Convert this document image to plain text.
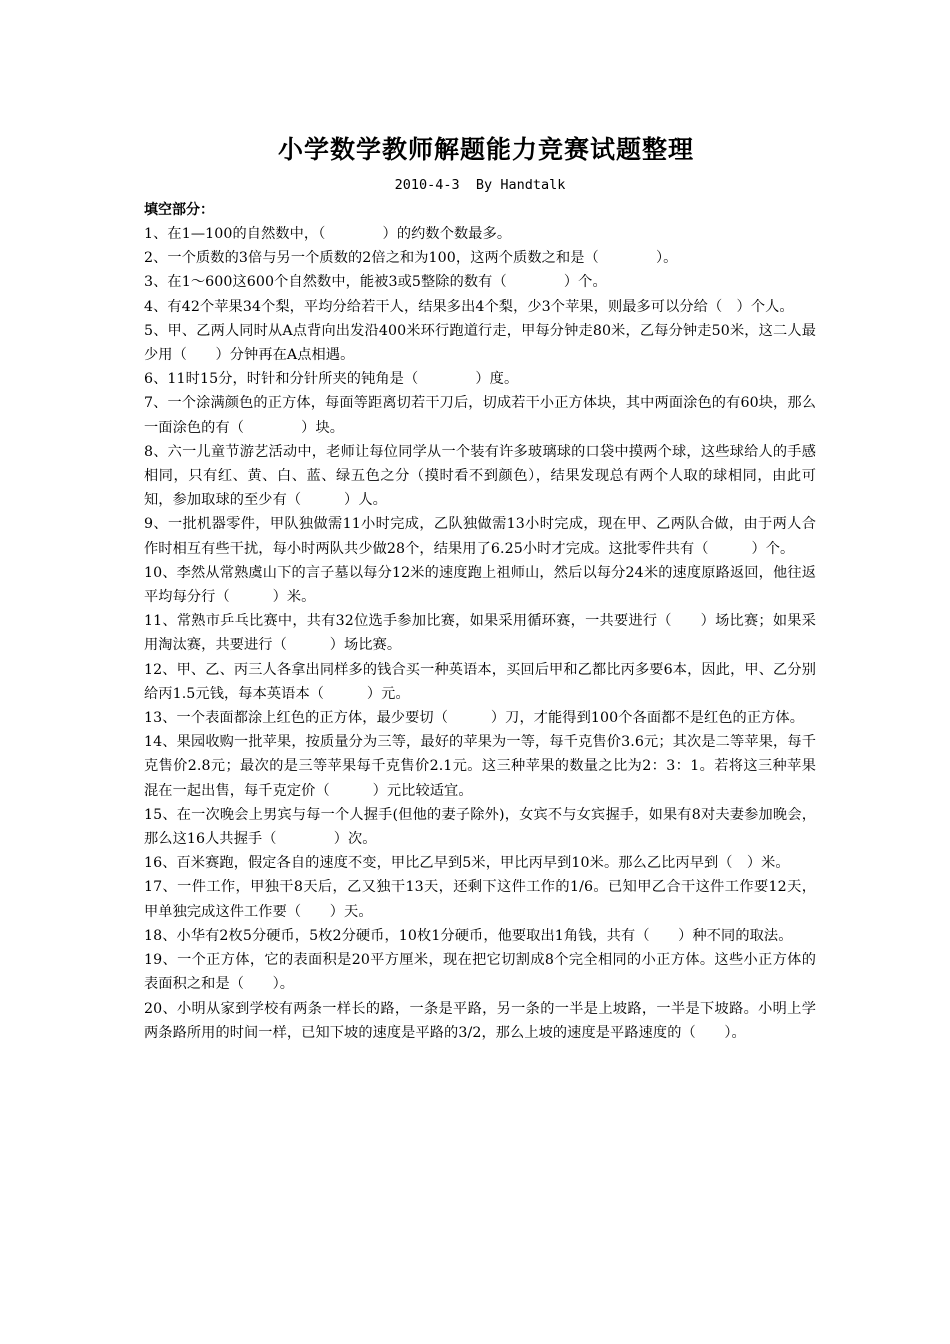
小学数学教师解题能力竞赛试题整理
2010-4-3  By Handtalk
填空部分：

1、在1—100的自然数中，（　　　　）的约数个数最多。

2、一个质数的3倍与另一个质数的2倍之和为100，这两个质数之和是（　　　　）。

3、在1～600这600个自然数中，能被3或5整除的数有（　　　　）个。

4、有42个苹果34个梨，平均分给若干人，结果多出4个梨，少3个苹果，则最多可以分给（　）个人。

5、甲、乙两人同时从A点背向出发沿400米环行跑道行走，甲每分钟走80米，乙每分钟走50米，这二人最少用（　　）分钟再在A点相遇。

6、11时15分，时针和分针所夹的钝角是（　　　　）度。

7、一个涂满颜色的正方体，每面等距离切若干刀后，切成若干小正方体块，其中两面涂色的有60块，那么一面涂色的有（　　　　）块。

8、六一儿童节游艺活动中，老师让每位同学从一个装有许多玻璃球的口袋中摸两个球，这些球给人的手感相同，只有红、黄、白、蓝、绿五色之分（摸时看不到颜色），结果发现总有两个人取的球相同，由此可知，参加取球的至少有（　　　）人。

9、一批机器零件，甲队独做需11小时完成，乙队独做需13小时完成，现在甲、乙两队合做，由于两人合作时相互有些干扰，每小时两队共少做28个，结果用了6.25小时才完成。这批零件共有（　　　）个。

10、李然从常熟虞山下的言子墓以每分12米的速度跑上祖师山，然后以每分24米的速度原路返回，他往返平均每分行（　　　）米。

11、常熟市乒乓比赛中，共有32位选手参加比赛，如果采用循环赛，一共要进行（　　）场比赛；如果采用淘汰赛，共要进行（　　　）场比赛。

12、甲、乙、丙三人各拿出同样多的钱合买一种英语本，买回后甲和乙都比丙多要6本，因此，甲、乙分别给丙1.5元钱，每本英语本（　　　）元。

13、一个表面都涂上红色的正方体，最少要切（　　　）刀，才能得到100个各面都不是红色的正方体。

14、果园收购一批苹果，按质量分为三等，最好的苹果为一等，每千克售价3.6元；其次是二等苹果，每千克售价2.8元；最次的是三等苹果每千克售价2.1元。这三种苹果的数量之比为2：3：1。若将这三种苹果混在一起出售，每千克定价（　　　）元比较适宜。

15、在一次晚会上男宾与每一个人握手(但他的妻子除外)，女宾不与女宾握手，如果有8对夫妻参加晚会，那么这16人共握手（　　　　）次。

16、百米赛跑，假定各自的速度不变，甲比乙早到5米，甲比丙早到10米。那么乙比丙早到（　）米。

17、一件工作，甲独干8天后，乙又独干13天，还剩下这件工作的1/6。已知甲乙合干这件工作要12天，甲单独完成这件工作要（　　）天。

18、小华有2枚5分硬币，5枚2分硬币，10枚1分硬币，他要取出1角钱，共有（　　）种不同的取法。

19、一个正方体，它的表面积是20平方厘米，现在把它切割成8个完全相同的小正方体。这些小正方体的表面积之和是（　　）。

20、小明从家到学校有两条一样长的路，一条是平路，另一条的一半是上坡路，一半是下坡路。小明上学两条路所用的时间一样，已知下坡的速度是平路的3/2，那么上坡的速度是平路速度的（　　）。
